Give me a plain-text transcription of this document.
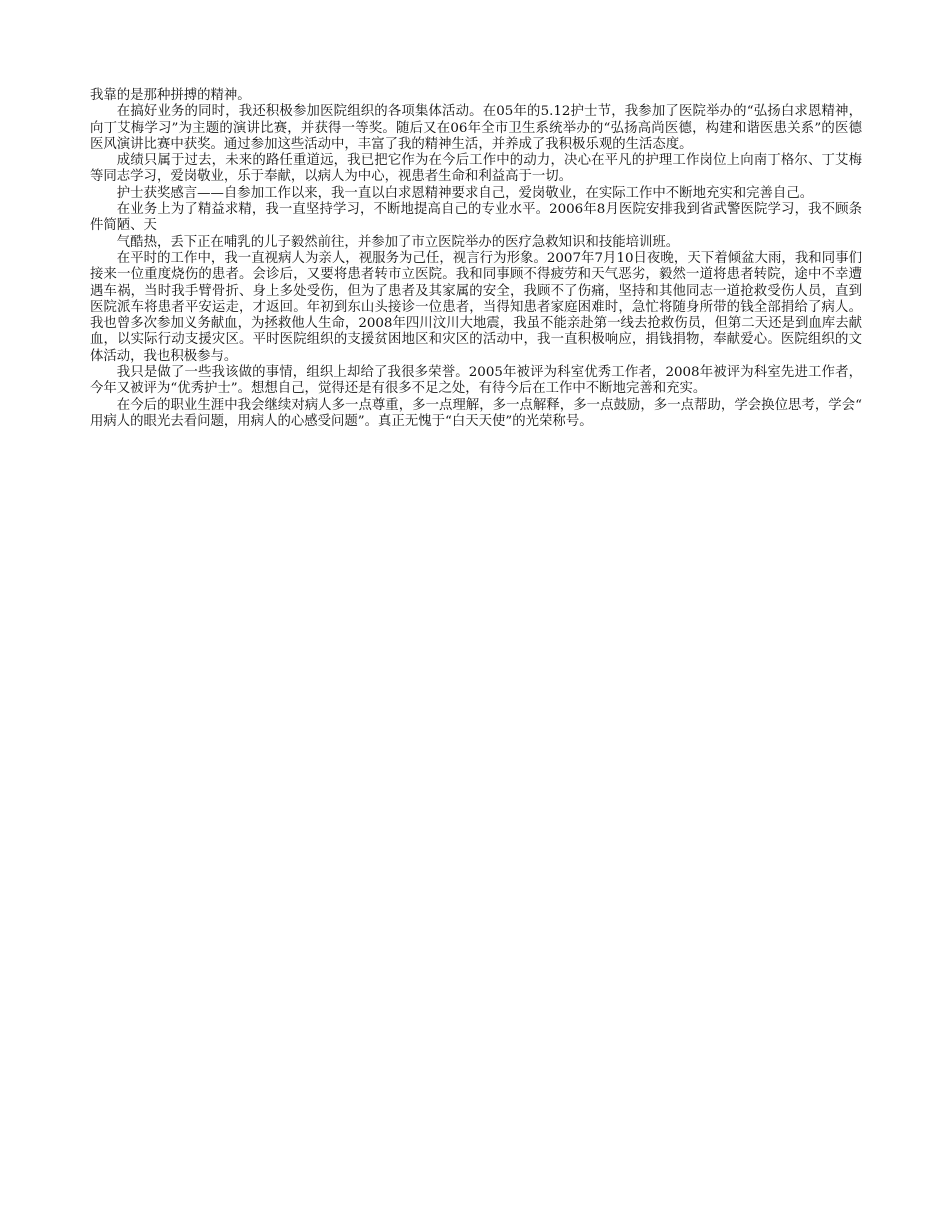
我靠的是那种拼搏的精神。

在搞好业务的同时，我还积极参加医院组织的各项集体活动。在05年的5.12护士节，我参加了医院举办的“弘扬白求恩精神，向丁艾梅学习”为主题的演讲比赛，并获得一等奖。随后又在06年全市卫生系统举办的“弘扬高尚医德，构建和谐医患关系”的医德医风演讲比赛中获奖。通过参加这些活动中，丰富了我的精神生活，并养成了我积极乐观的生活态度。

成绩只属于过去，未来的路任重道远，我已把它作为在今后工作中的动力，决心在平凡的护理工作岗位上向南丁格尔、丁艾梅等同志学习，爱岗敬业，乐于奉献，以病人为中心，视患者生命和利益高于一切。

护士获奖感言——自参加工作以来，我一直以白求恩精神要求自己，爱岗敬业，在实际工作中不断地充实和完善自己。

在业务上为了精益求精，我一直坚持学习，不断地提高自己的专业水平。2006年8月医院安排我到省武警医院学习，我不顾条件简陋、天

气酷热，丢下正在哺乳的儿子毅然前往，并参加了市立医院举办的医疗急救知识和技能培训班。

在平时的工作中，我一直视病人为亲人，视服务为己任，视言行为形象。2007年7月10日夜晚，天下着倾盆大雨，我和同事们接来一位重度烧伤的患者。会诊后，又要将患者转市立医院。我和同事顾不得疲劳和天气恶劣，毅然一道将患者转院，途中不幸遭遇车祸，当时我手臂骨折、身上多处受伤，但为了患者及其家属的安全，我顾不了伤痛，坚持和其他同志一道抢救受伤人员，直到医院派车将患者平安运走，才返回。年初到东山头接诊一位患者，当得知患者家庭困难时，急忙将随身所带的钱全部捐给了病人。我也曾多次参加义务献血，为拯救他人生命，2008年四川汶川大地震，我虽不能亲赴第一线去抢救伤员，但第二天还是到血库去献血，以实际行动支援灾区。平时医院组织的支援贫困地区和灾区的活动中，我一直积极响应，捐钱捐物，奉献爱心。医院组织的文体活动，我也积极参与。

我只是做了一些我该做的事情，组织上却给了我很多荣誉。2005年被评为科室优秀工作者，2008年被评为科室先进工作者，今年又被评为“优秀护士”。想想自己，觉得还是有很多不足之处，有待今后在工作中不断地完善和充实。

在今后的职业生涯中我会继续对病人多一点尊重，多一点理解，多一点解释，多一点鼓励，多一点帮助，学会换位思考，学会“用病人的眼光去看问题，用病人的心感受问题”。真正无愧于“白天天使”的光荣称号。
